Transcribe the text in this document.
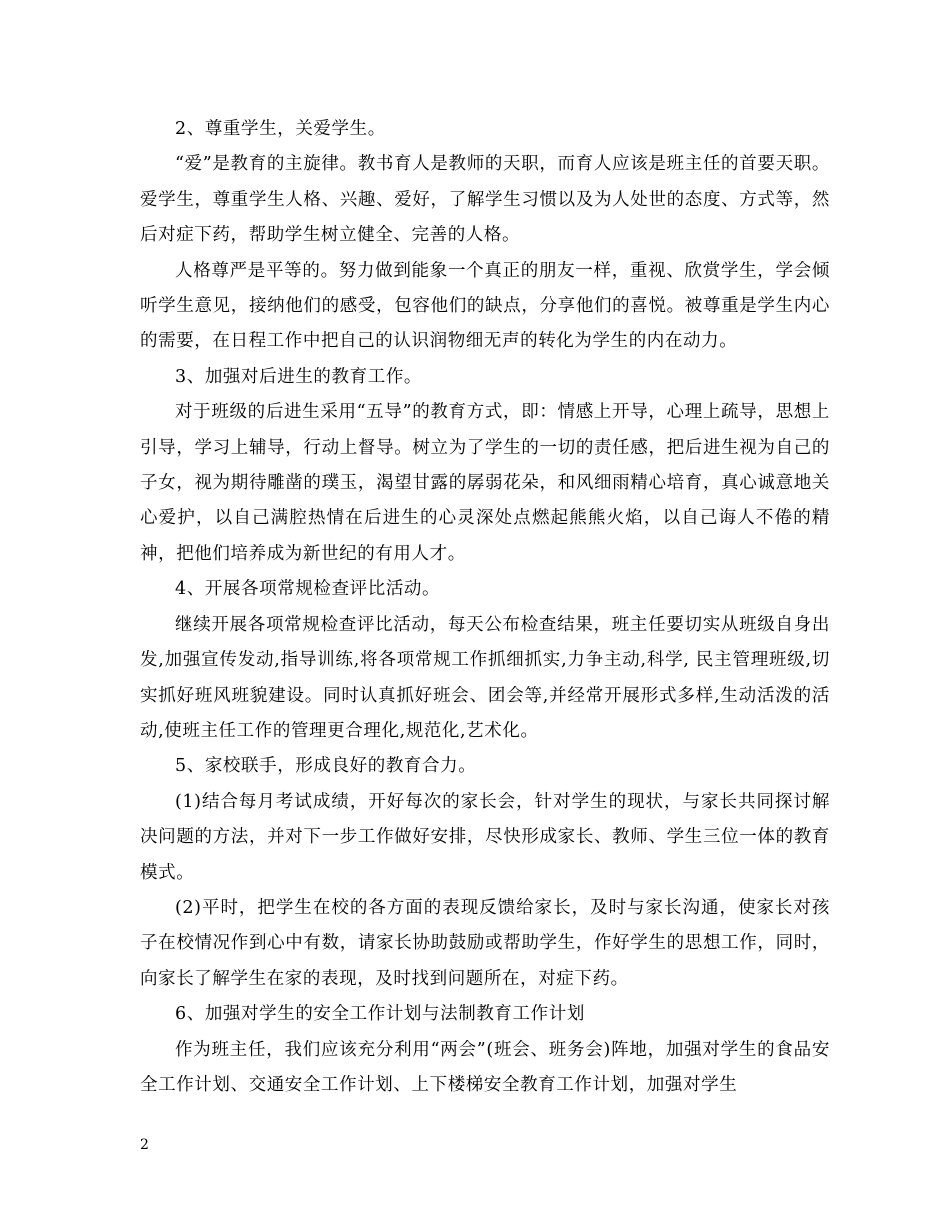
2、尊重学生，关爱学生。

“爱”是教育的主旋律。教书育人是教师的天职，而育人应该是班主任的首要天职。爱学生，尊重学生人格、兴趣、爱好，了解学生习惯以及为人处世的态度、方式等，然后对症下药，帮助学生树立健全、完善的人格。

人格尊严是平等的。努力做到能象一个真正的朋友一样，重视、欣赏学生，学会倾听学生意见，接纳他们的感受，包容他们的缺点，分享他们的喜悦。被尊重是学生内心的需要，在日程工作中把自己的认识润物细无声的转化为学生的内在动力。

3、加强对后进生的教育工作。

对于班级的后进生采用“五导”的教育方式，即：情感上开导，心理上疏导，思想上引导，学习上辅导，行动上督导。树立为了学生的一切的责任感，把后进生视为自己的子女，视为期待雕凿的璞玉，渴望甘露的孱弱花朵，和风细雨精心培育，真心诚意地关心爱护，以自己满腔热情在后进生的心灵深处点燃起熊熊火焰，以自己诲人不倦的精神，把他们培养成为新世纪的有用人才。

4、开展各项常规检查评比活动。

继续开展各项常规检查评比活动，每天公布检查结果，班主任要切实从班级自身出发,加强宣传发动,指导训练,将各项常规工作抓细抓实,力争主动,科学, 民主管理班级,切实抓好班风班貌建设。同时认真抓好班会、团会等,并经常开展形式多样,生动活泼的活动,使班主任工作的管理更合理化,规范化,艺术化。

5、家校联手，形成良好的教育合力。

(1)结合每月考试成绩，开好每次的家长会，针对学生的现状，与家长共同探讨解决问题的方法，并对下一步工作做好安排，尽快形成家长、教师、学生三位一体的教育模式。

(2)平时，把学生在校的各方面的表现反馈给家长，及时与家长沟通，使家长对孩子在校情况作到心中有数，请家长协助鼓励或帮助学生，作好学生的思想工作，同时，向家长了解学生在家的表现，及时找到问题所在，对症下药。

6、加强对学生的安全工作计划与法制教育工作计划

作为班主任，我们应该充分利用“两会”(班会、班务会)阵地，加强对学生的食品安全工作计划、交通安全工作计划、上下楼梯安全教育工作计划，加强对学生

2
